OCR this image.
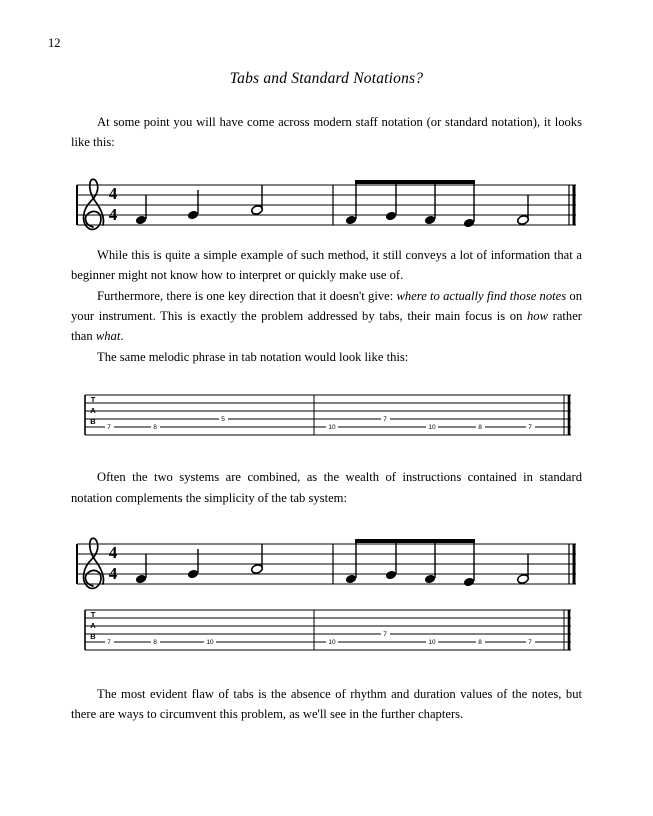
12
Tabs and Standard Notations?

At some point you will have come across modern staff notation (or standard notation), it looks like this:

4
4

While this is quite a simple example of such method, it still conveys a lot of information that a beginner might not know how to interpret or quickly make use of.

Furthermore, there is one key direction that it doesn't give: where to actually find those notes on your instrument. This is exactly the problem addressed by tabs, their main focus is on how rather than what.

The same melodic phrase in tab notation would look like this:

T
A
B
7	8
5
10
7
10	8	7

Often the two systems are combined, as the wealth of instructions contained in standard notation complements the simplicity of the tab system:

4
4
T
A
B
7	8	10	10
7
10	8	7

The most evident flaw of tabs is the absence of rhythm and duration values of the notes, but there are ways to circumvent this problem, as we'll see in the further chapters.
